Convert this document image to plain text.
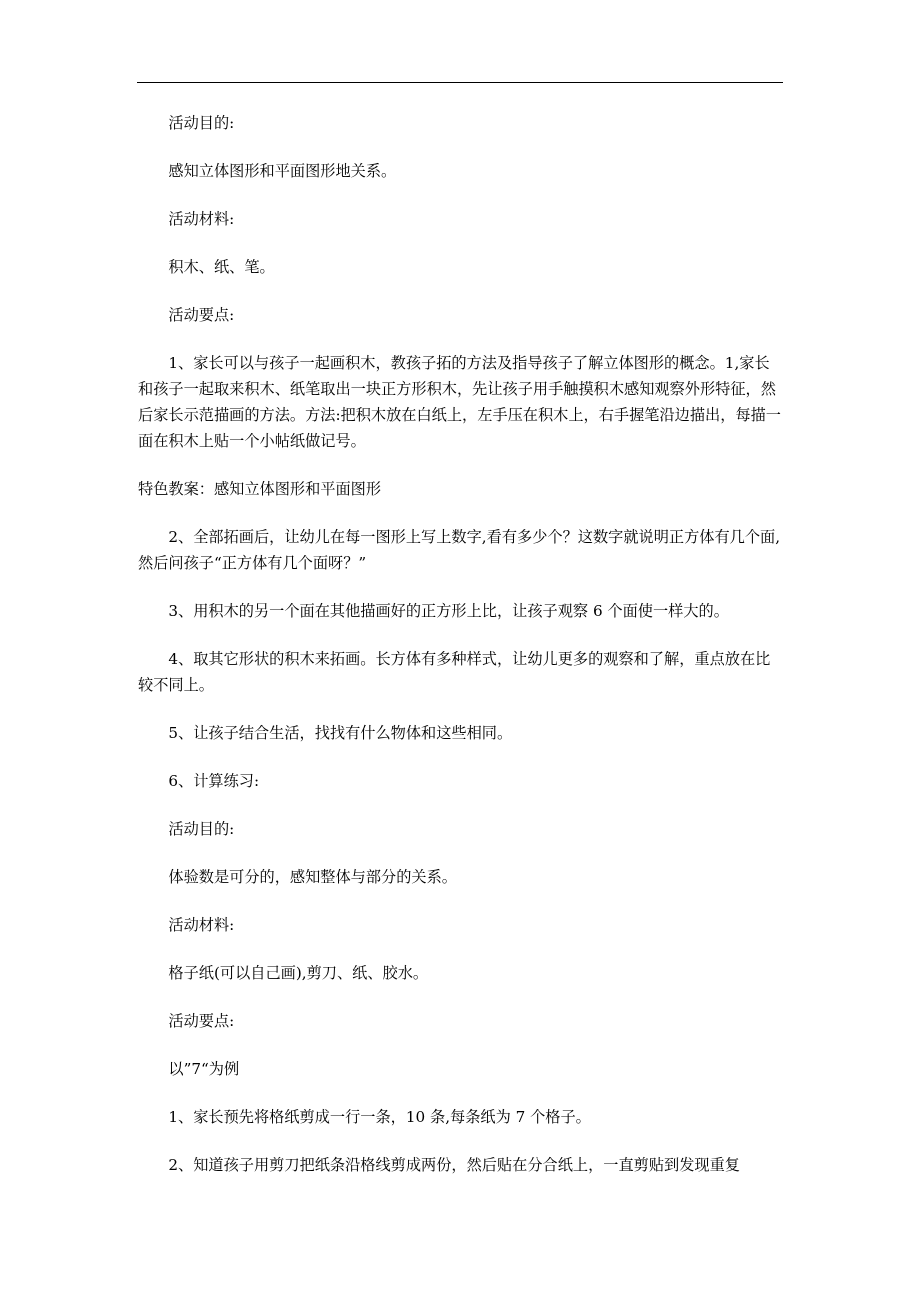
活动目的:

感知立体图形和平面图形地关系。

活动材料:

积木、纸、笔。

活动要点:

1、家长可以与孩子一起画积木，教孩子拓的方法及指导孩子了解立体图形的概念。1,家长和孩子一起取来积木、纸笔取出一块正方形积木，先让孩子用手触摸积木感知观察外形特征，然后家长示范描画的方法。方法:把积木放在白纸上，左手压在积木上，右手握笔沿边描出，每描一面在积木上贴一个小帖纸做记号。

特色教案：感知立体图形和平面图形

2、全部拓画后，让幼儿在每一图形上写上数字,看有多少个？这数字就说明正方体有几个面,然后问孩子“正方体有几个面呀？”

3、用积木的另一个面在其他描画好的正方形上比，让孩子观察 6 个面使一样大的。

4、取其它形状的积木来拓画。长方体有多种样式，让幼儿更多的观察和了解，重点放在比较不同上。

5、让孩子结合生活，找找有什么物体和这些相同。

6、计算练习:

活动目的:

体验数是可分的，感知整体与部分的关系。

活动材料:

格子纸(可以自己画),剪刀、纸、胶水。

活动要点:

以”7“为例

1、家长预先将格纸剪成一行一条，10 条,每条纸为 7 个格子。

2、知道孩子用剪刀把纸条沿格线剪成两份，然后贴在分合纸上，一直剪贴到发现重复
